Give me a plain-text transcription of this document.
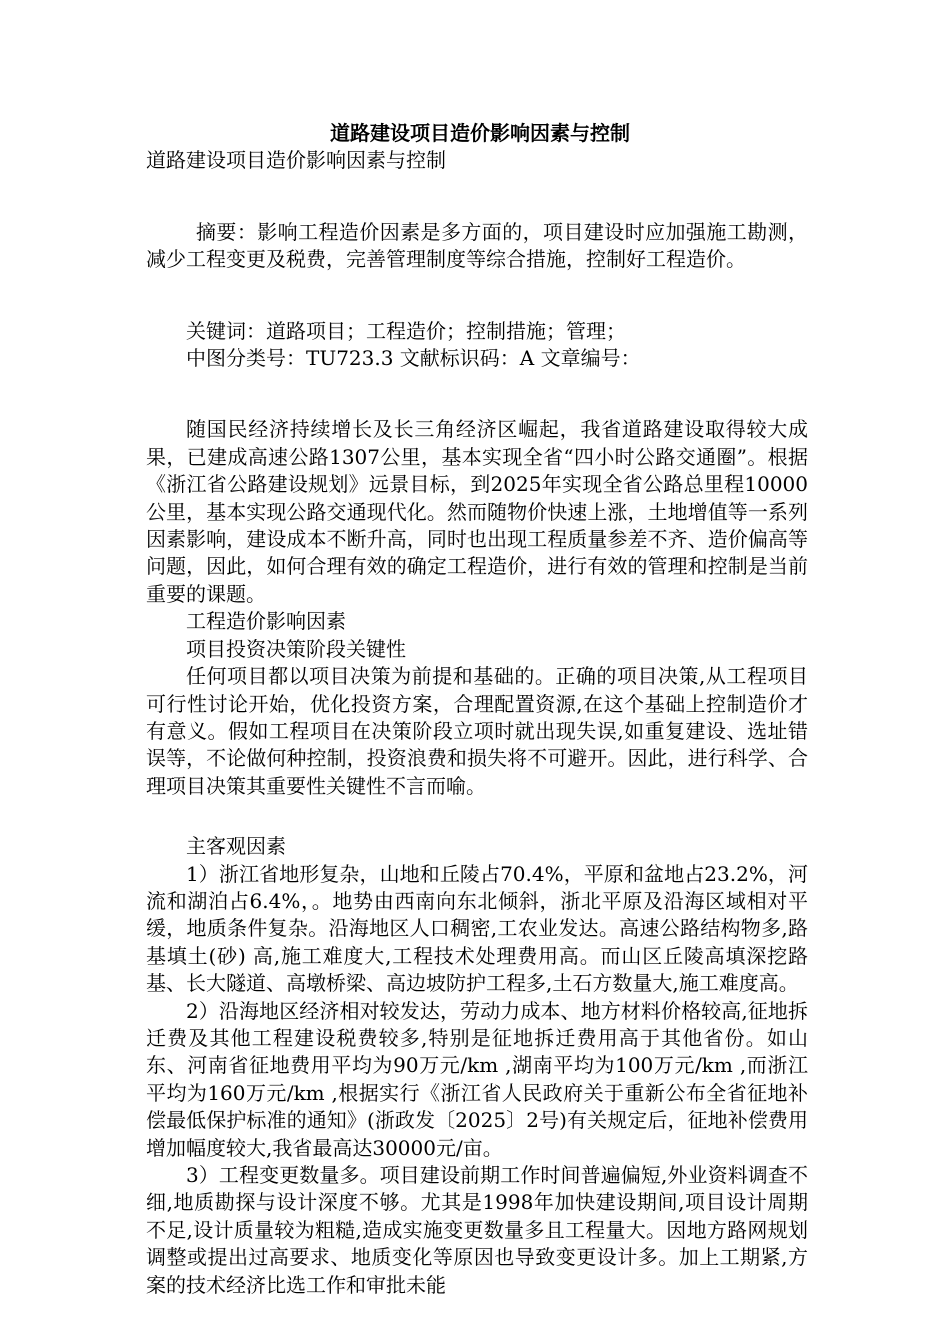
道路建设项目造价影响因素与控制

道路建设项目造价影响因素与控制

摘要：影响工程造价因素是多方面的，项目建设时应加强施工勘测，减少工程变更及税费，完善管理制度等综合措施，控制好工程造价。

关键词：道路项目；工程造价；控制措施；管理；

中图分类号：TU723.3 文献标识码：A 文章编号：

随国民经济持续增长及长三角经济区崛起，我省道路建设取得较大成果，已建成高速公路1307公里，基本实现全省“四小时公路交通圈”。根据《浙江省公路建设规划》远景目标，到2025年实现全省公路总里程10000公里，基本实现公路交通现代化。然而随物价快速上涨，土地增值等一系列因素影响，建设成本不断升高，同时也出现工程质量参差不齐、造价偏高等问题，因此，如何合理有效的确定工程造价，进行有效的管理和控制是当前重要的课题。

工程造价影响因素

项目投资决策阶段关键性

任何项目都以项目决策为前提和基础的。正确的项目决策,从工程项目可行性讨论开始，优化投资方案，合理配置资源,在这个基础上控制造价才有意义。假如工程项目在决策阶段立项时就出现失误,如重复建设、选址错误等，不论做何种控制，投资浪费和损失将不可避开。因此，进行科学、合理项目决策其重要性关键性不言而喻。

主客观因素

1）浙江省地形复杂，山地和丘陵占70.4%，平原和盆地占23.2%，河流和湖泊占6.4%，。地势由西南向东北倾斜，浙北平原及沿海区域相对平缓，地质条件复杂。沿海地区人口稠密,工农业发达。高速公路结构物多,路基填土(砂) 高,施工难度大,工程技术处理费用高。而山区丘陵高填深挖路基、长大隧道、高墩桥梁、高边坡防护工程多,土石方数量大,施工难度高。

2）沿海地区经济相对较发达，劳动力成本、地方材料价格较高,征地拆迁费及其他工程建设税费较多,特别是征地拆迁费用高于其他省份。如山东、河南省征地费用平均为90万元/km ,湖南平均为100万元/km ,而浙江平均为160万元/km ,根据实行《浙江省人民政府关于重新公布全省征地补偿最低保护标准的通知》(浙政发〔2025〕2号)有关规定后，征地补偿费用增加幅度较大,我省最高达30000元/亩。

3）工程变更数量多。项目建设前期工作时间普遍偏短,外业资料调查不细,地质勘探与设计深度不够。尤其是1998年加快建设期间,项目设计周期不足,设计质量较为粗糙,造成实施变更数量多且工程量大。因地方路网规划调整或提出过高要求、地质变化等原因也导致变更设计多。加上工期紧,方案的技术经济比选工作和审批未能
